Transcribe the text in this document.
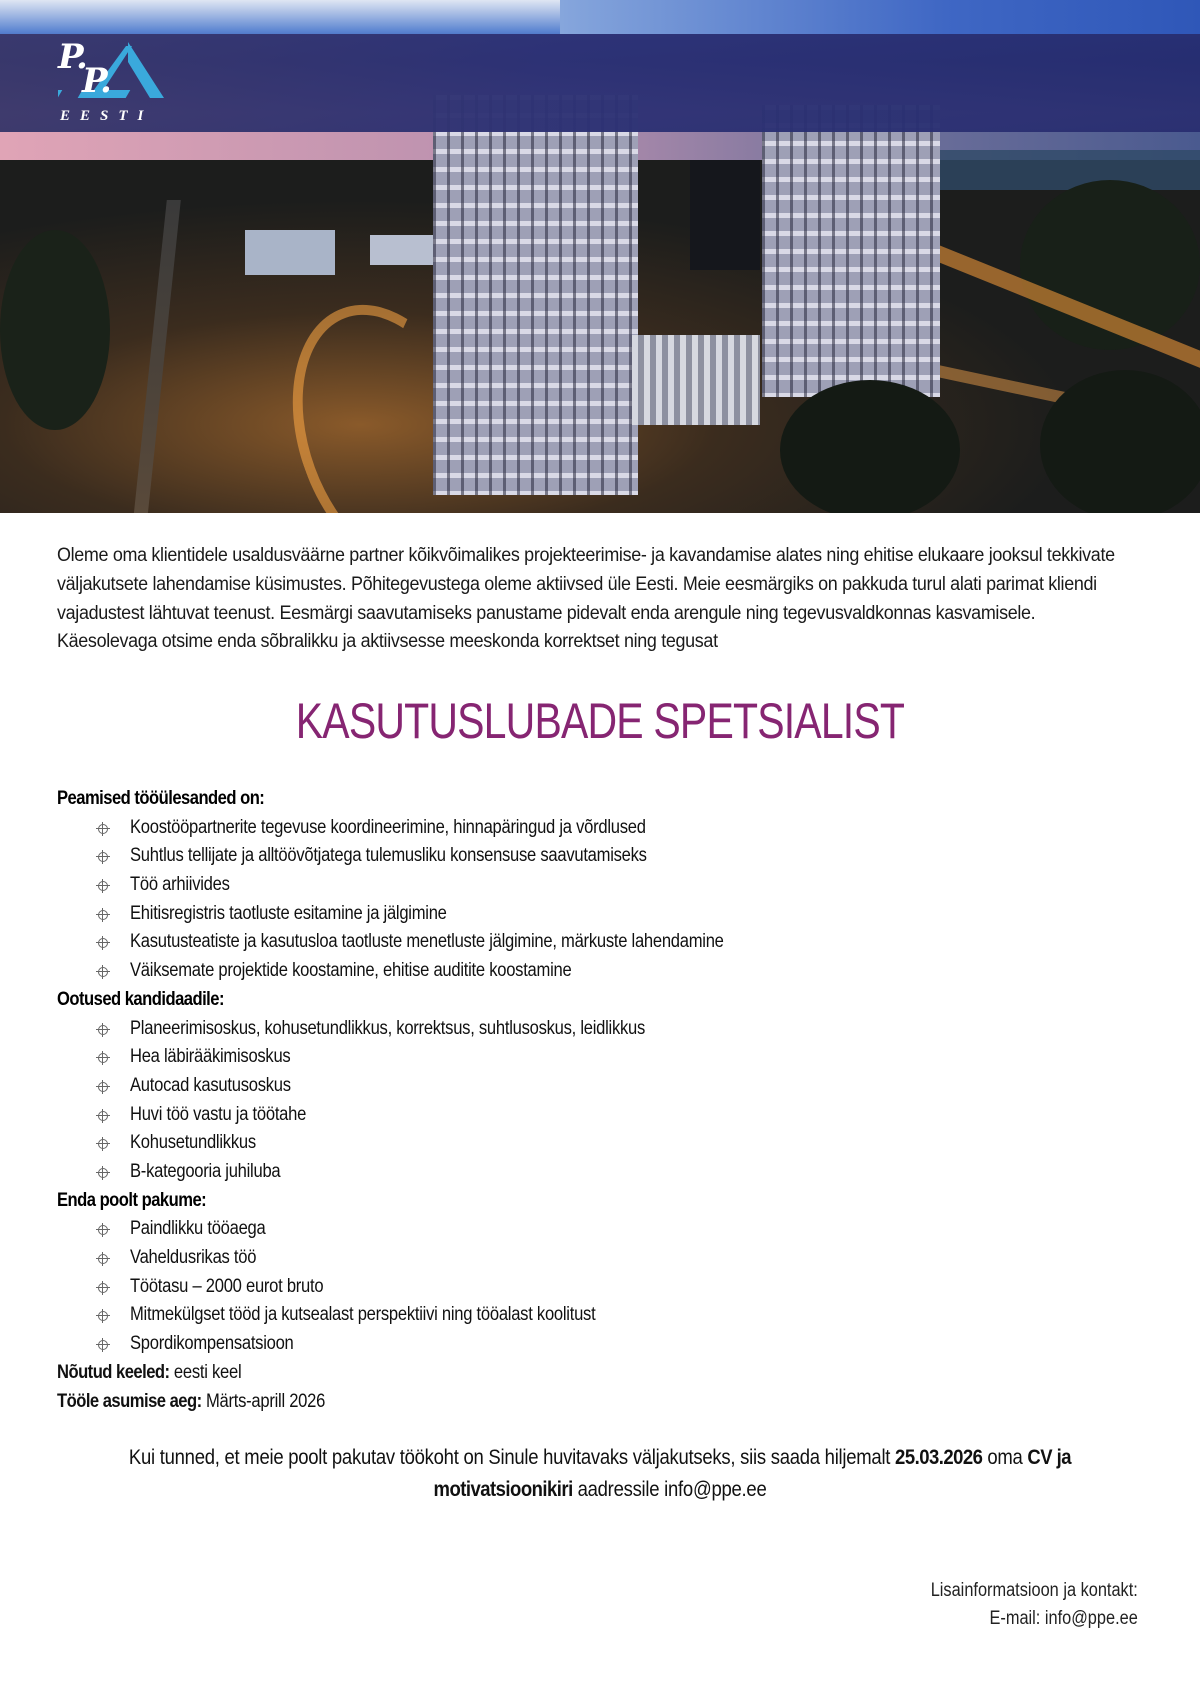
P.
P.
EESTI

Oleme oma klientidele usaldusväärne partner kõikvõimalikes projekteerimise- ja kavandamise alates ning ehitise elukaare jooksul tekkivate väljakutsete lahendamise küsimustes. Põhitegevustega oleme aktiivsed üle Eesti. Meie eesmärgiks on pakkuda turul alati parimat kliendi vajadustest lähtuvat teenust. Eesmärgi saavutamiseks panustame pidevalt enda arengule ning tegevusvaldkonnas kasvamisele.
Käesolevaga otsime enda sõbralikku ja aktiivsesse meeskonda korrektset ning tegusat

KASUTUSLUBADE SPETSIALIST
Peamised tööülesanded on:
Koostööpartnerite tegevuse koordineerimine, hinnapäringud ja võrdlused
Suhtlus tellijate ja alltöövõtjatega tulemusliku konsensuse saavutamiseks
Töö arhiivides
Ehitisregistris taotluste esitamine ja jälgimine
Kasutusteatiste ja kasutusloa taotluste menetluste jälgimine, märkuste lahendamine
Väiksemate projektide koostamine, ehitise auditite koostamine
Ootused kandidaadile:
Planeerimisoskus, kohusetundlikkus, korrektsus, suhtlusoskus, leidlikkus
Hea läbirääkimisoskus
Autocad kasutusoskus
Huvi töö vastu ja töötahe
Kohusetundlikkus
B-kategooria juhiluba
Enda poolt pakume:
Paindlikku tööaega
Vaheldusrikas töö
Töötasu – 2000 eurot bruto
Mitmekülgset tööd ja kutsealast perspektiivi ning tööalast koolitust
Spordikompensatsioon
Nõutud keeled: eesti keel
Tööle asumise aeg: Märts-aprill 2026
Kui tunned, et meie poolt pakutav töökoht on Sinule huvitavaks väljakutseks, siis saada hiljemalt 25.03.2026 oma CV ja
motivatsioonikiri aadressile info@ppe.ee
Lisainformatsioon ja kontakt:
E-mail: info@ppe.ee
